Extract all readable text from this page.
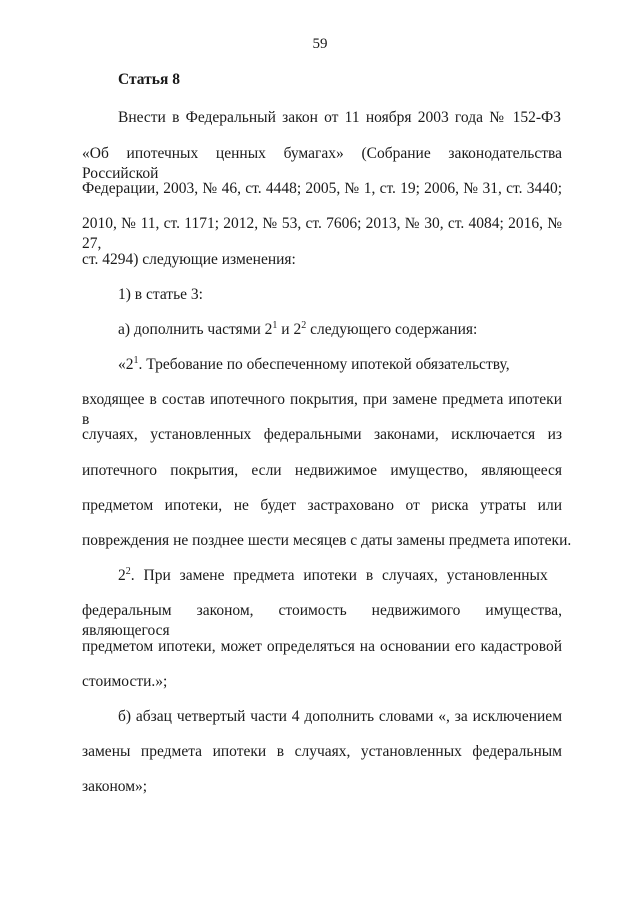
59
Статья 8
Внести в Федеральный закон от 11 ноября 2003 года № 152-ФЗ
«Об ипотечных ценных бумагах» (Собрание законодательства Российской
Федерации, 2003, № 46, ст. 4448; 2005, № 1, ст. 19; 2006, № 31, ст. 3440;
2010, № 11, ст. 1171; 2012, № 53, ст. 7606; 2013, № 30, ст. 4084; 2016, № 27,
ст. 4294) следующие изменения:
1) в статье 3:
а) дополнить частями $2^1$ и $2^2$ следующего содержания:
«$2^1$. Требование по обеспеченному ипотекой обязательству,
входящее в состав ипотечного покрытия, при замене предмета ипотеки в
случаях, установленных федеральными законами, исключается из
ипотечного покрытия, если недвижимое имущество, являющееся
предметом ипотеки, не будет застраховано от риска утраты или
повреждения не позднее шести месяцев с даты замены предмета ипотеки.
$2^2$. При замене предмета ипотеки в случаях, установленных
федеральным законом, стоимость недвижимого имущества, являющегося
предметом ипотеки, может определяться на основании его кадастровой
стоимости.»;
б) абзац четвертый части 4 дополнить словами «, за исключением
замены предмета ипотеки в случаях, установленных федеральным
законом»;
